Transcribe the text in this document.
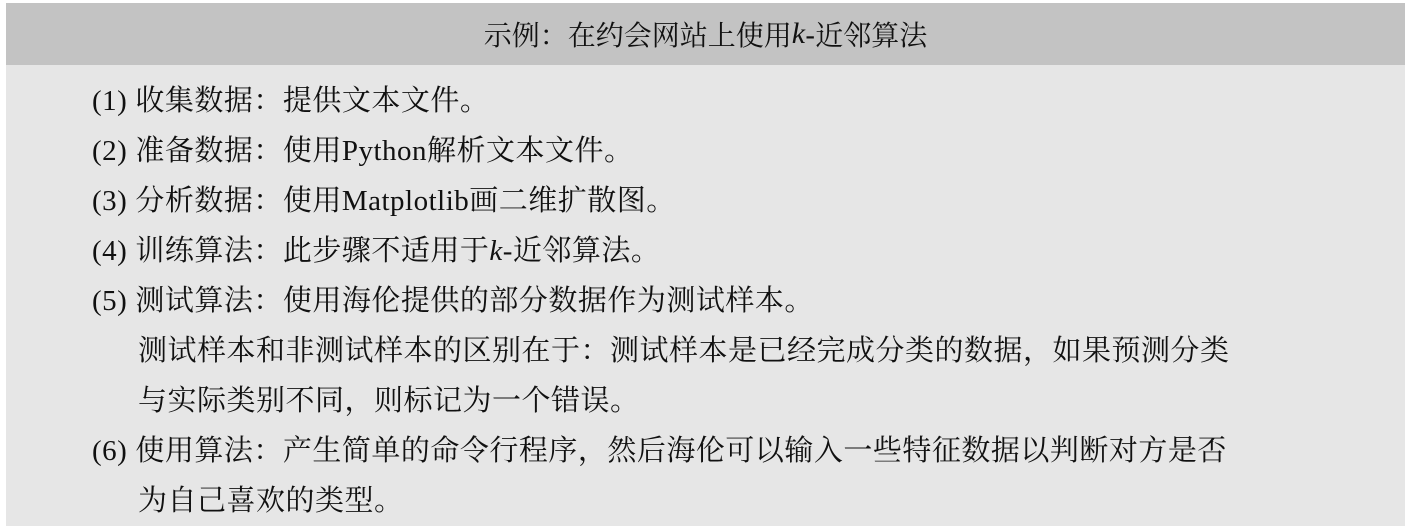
示例：在约会网站上使用 k -近邻算法
(1) 收集数据：提供文本文件。
(2) 准备数据：使用Python解析文本文件。
(3) 分析数据：使用Matplotlib画二维扩散图。
(4) 训练算法：此步骤不适用于k-近邻算法。
(5) 测试算法：使用海伦提供的部分数据作为测试样本。
测试样本和非测试样本的区别在于：测试样本是已经完成分类的数据，如果预测分类
与实际类别不同，则标记为一个错误。
(6) 使用算法：产生简单的命令行程序，然后海伦可以输入一些特征数据以判断对方是否
为自己喜欢的类型。
